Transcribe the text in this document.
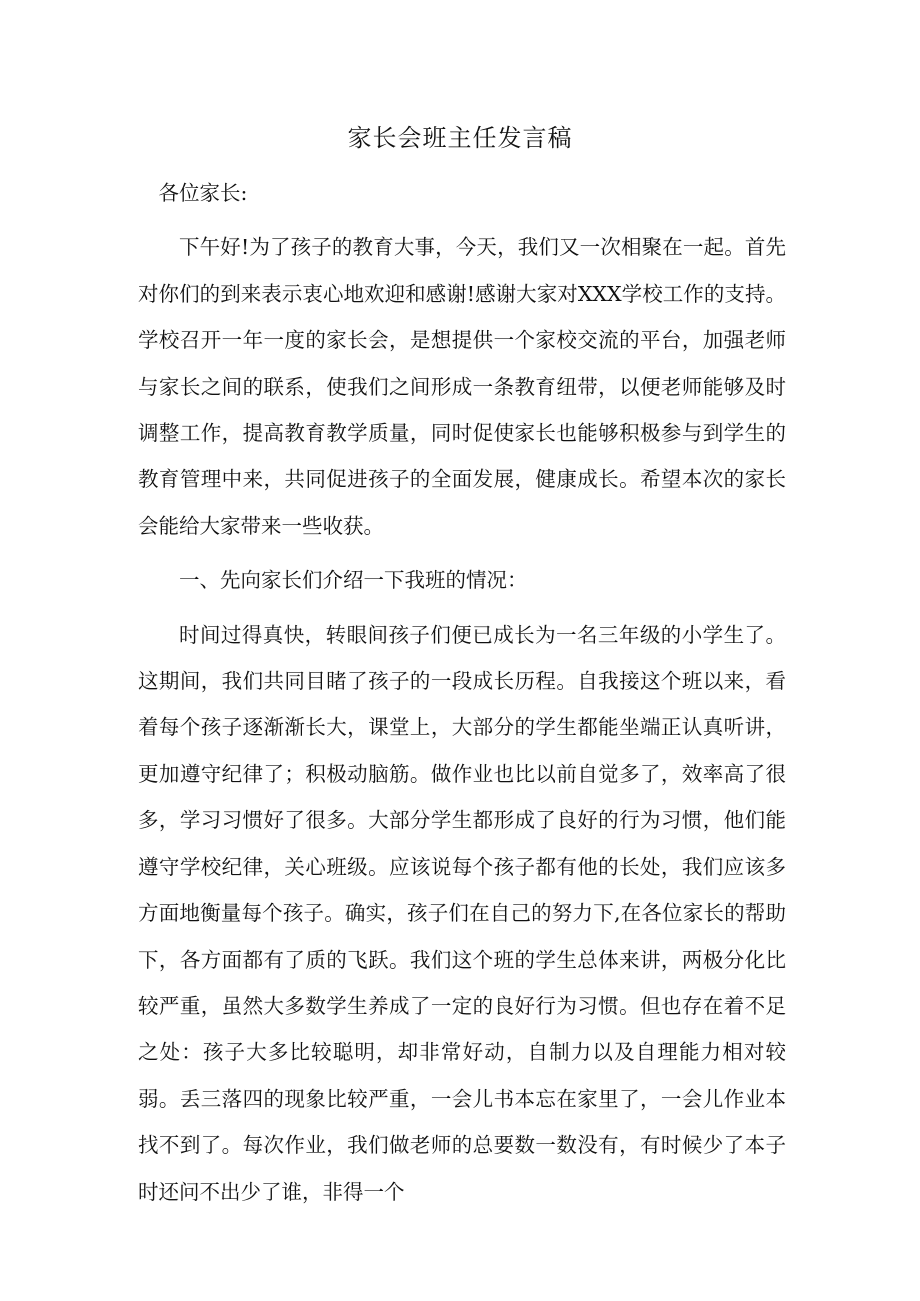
家长会班主任发言稿

各位家长:

下午好!为了孩子的教育大事，今天，我们又一次相聚在一起。首先对你们的到来表示衷心地欢迎和感谢!感谢大家对XXX学校工作的支持。学校召开一年一度的家长会，是想提供一个家校交流的平台，加强老师与家长之间的联系，使我们之间形成一条教育纽带，以便老师能够及时调整工作，提高教育教学质量，同时促使家长也能够积极参与到学生的教育管理中来，共同促进孩子的全面发展，健康成长。希望本次的家长会能给大家带来一些收获。

一、先向家长们介绍一下我班的情况：

时间过得真快，转眼间孩子们便已成长为一名三年级的小学生了。这期间，我们共同目睹了孩子的一段成长历程。自我接这个班以来，看着每个孩子逐渐渐长大，课堂上，大部分的学生都能坐端正认真听讲，更加遵守纪律了；积极动脑筋。做作业也比以前自觉多了，效率高了很多，学习习惯好了很多。大部分学生都形成了良好的行为习惯，他们能遵守学校纪律，关心班级。应该说每个孩子都有他的长处，我们应该多方面地衡量每个孩子。确实，孩子们在自己的努力下,在各位家长的帮助下，各方面都有了质的飞跃。我们这个班的学生总体来讲，两极分化比较严重，虽然大多数学生养成了一定的良好行为习惯。但也存在着不足之处：孩子大多比较聪明，却非常好动，自制力以及自理能力相对较弱。丢三落四的现象比较严重，一会儿书本忘在家里了，一会儿作业本找不到了。每次作业，我们做老师的总要数一数没有，有时候少了本子时还问不出少了谁，非得一个
